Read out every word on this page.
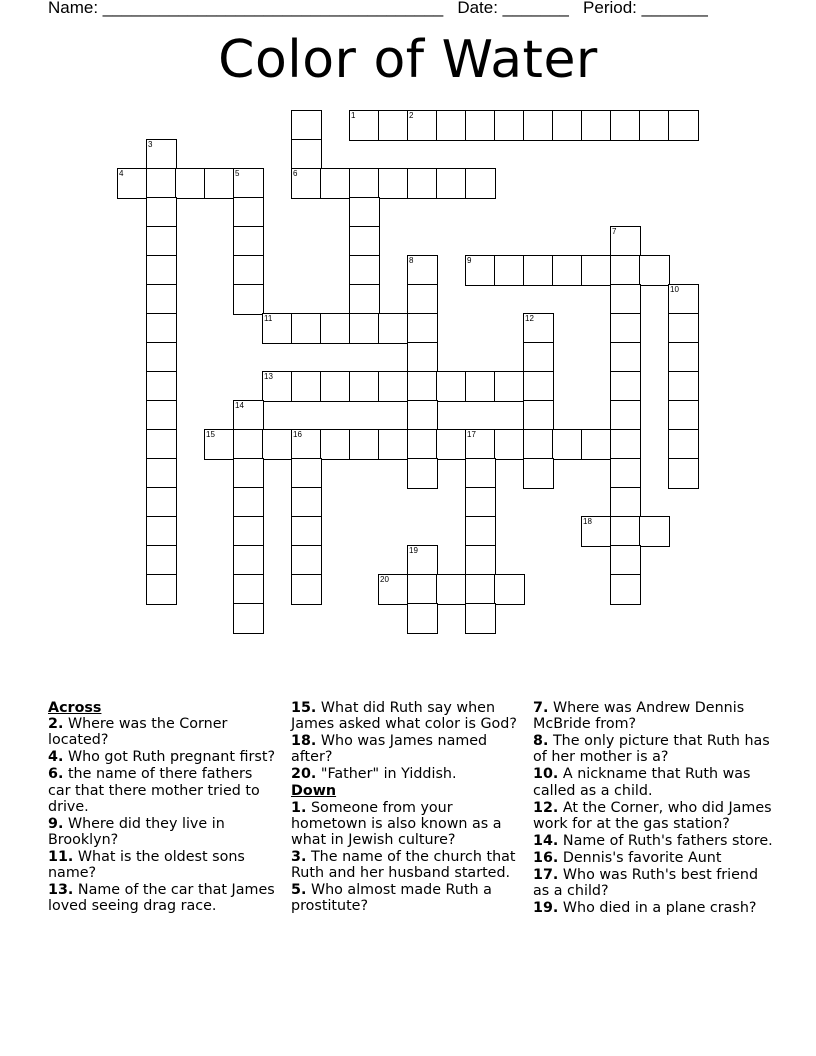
Name: ____________________________________   Date: _______   Period: _______
Color of Water
1	2
3
4	5	6
7
8	9
10
11	12
13
14
15	16	17
18
19
20
Across
2. Where was the Corner located?
4. Who got Ruth pregnant first?
6. the name of there fathers car that there mother tried to drive.
9. Where did they live in Brooklyn?
11. What is the oldest sons name?
13. Name of the car that James loved seeing drag race.
15. What did Ruth say when James asked what color is God?
18. Who was James named after?
20. "Father" in Yiddish.
Down
1. Someone from your hometown is also known as a what in Jewish culture?
3. The name of the church that Ruth and her husband started.
5. Who almost made Ruth a prostitute?
7. Where was Andrew Dennis McBride from?
8. The only picture that Ruth has of her mother is a?
10. A nickname that Ruth was called as a child.
12. At the Corner, who did James work for at the gas station?
14. Name of Ruth's fathers store.
16. Dennis's favorite Aunt
17. Who was Ruth's best friend as a child?
19. Who died in a plane crash?
